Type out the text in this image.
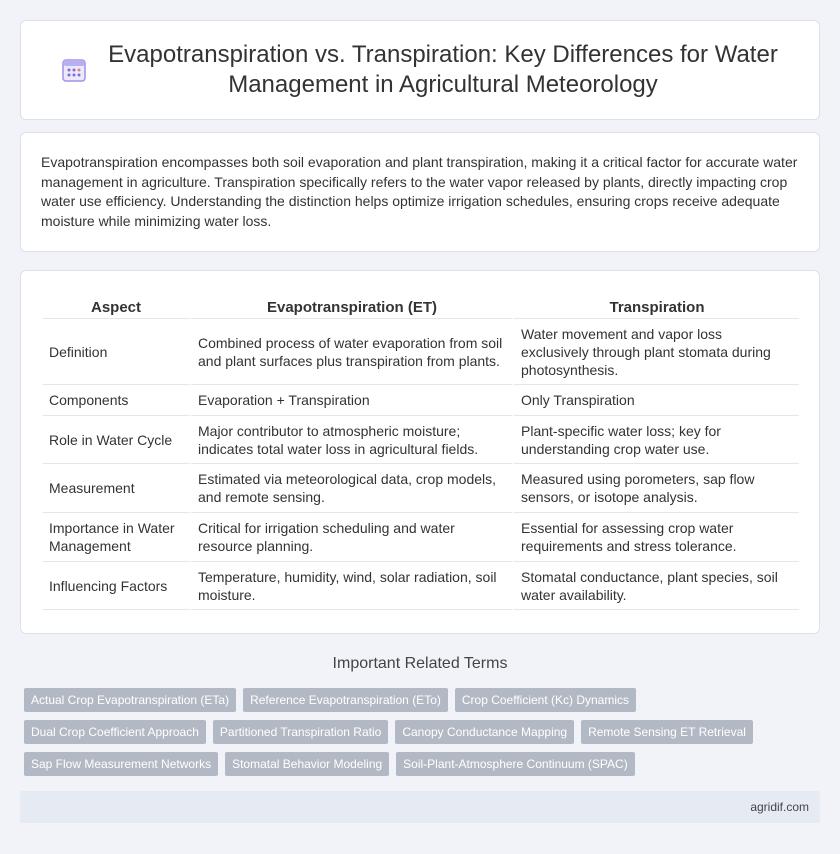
Evapotranspiration vs. Transpiration: Key Differences for Water Management in Agricultural Meteorology

Evapotranspiration encompasses both soil evaporation and plant transpiration, making it a critical factor for accurate water management in agriculture. Transpiration specifically refers to the water vapor released by plants, directly impacting crop water use efficiency. Understanding the distinction helps optimize irrigation schedules, ensuring crops receive adequate moisture while minimizing water loss.

Aspect	Evapotranspiration (ET)	Transpiration
Definition	Combined process of water evaporation from soil and plant surfaces plus transpiration from plants.	Water movement and vapor loss exclusively through plant stomata during photosynthesis.
Components	Evaporation + Transpiration	Only Transpiration
Role in Water Cycle	Major contributor to atmospheric moisture; indicates total water loss in agricultural fields.	Plant-specific water loss; key for understanding crop water use.
Measurement	Estimated via meteorological data, crop models, and remote sensing.	Measured using porometers, sap flow sensors, or isotope analysis.
Importance in Water Management	Critical for irrigation scheduling and water resource planning.	Essential for assessing crop water requirements and stress tolerance.
Influencing Factors	Temperature, humidity, wind, solar radiation, soil moisture.	Stomatal conductance, plant species, soil water availability.
Important Related Terms
Actual Crop Evapotranspiration (ETa)	Reference Evapotranspiration (ETo)	Crop Coefficient (Kc) Dynamics
Dual Crop Coefficient Approach	Partitioned Transpiration Ratio	Canopy Conductance Mapping	Remote Sensing ET Retrieval
Sap Flow Measurement Networks	Stomatal Behavior Modeling	Soil-Plant-Atmosphere Continuum (SPAC)
agridif.com
